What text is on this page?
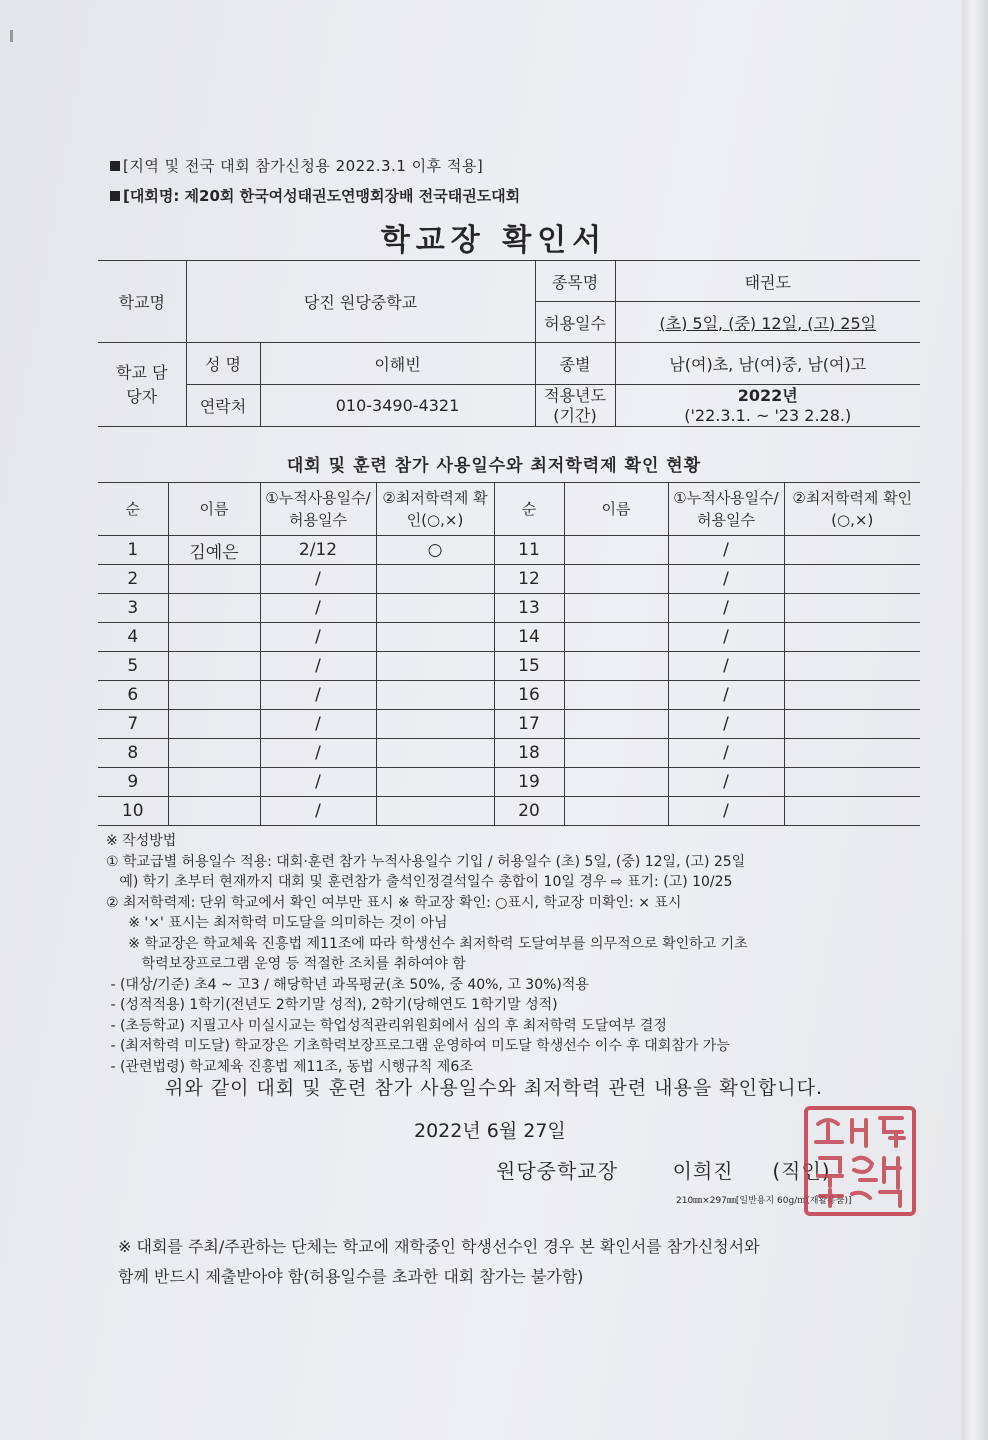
[지역 및 전국 대회 참가신청용 2022.3.1 이후 적용]
[대회명: 제20회 한국여성태권도연맹회장배 전국태권도대회
학교장 확인서
학교명	당진 원당중학교		종목명	태권도
			허용일수	(초) 5일, (중) 12일, (고) 25일
학교 담당자	성 명	이해빈	종별	남(여)초, 남(여)중, 남(여)고
	연락처	010-3490-4321	적용년도 (기간)	2022년
('22.3.1. ~ '23 2.28.)
대회 및 훈련 참가 사용일수와 최저학력제 확인 현황
순	이름	①누적사용일수/허용일수	②최저학력제 확인(○,×)	순	이름	①누적사용일수/허용일수	②최저학력제 확인(○,×)
1	김예은	2/12	○	11		/	
2		/		12		/	
3		/		13		/	
4		/		14		/	
5		/		15		/	
6		/		16		/	
7		/		17		/	
8		/		18		/	
9		/		19		/	
10		/		20		/	
※ 작성방법
① 학교급별 허용일수 적용: 대회·훈련 참가 누적사용일수 기입 / 허용일수 (초) 5일, (중) 12일, (고) 25일
예) 학기 초부터 현재까지 대회 및 훈련참가 출석인정결석일수 총합이 10일 경우 ⇨ 표기: (고) 10/25
② 최저학력제: 단위 학교에서 확인 여부만 표시 ※ 학교장 확인: ○표시, 학교장 미확인: × 표시
※ '×' 표시는 최저학력 미도달을 의미하는 것이 아님
※ 학교장은 학교체육 진흥법 제11조에 따라 학생선수 최저학력 도달여부를 의무적으로 확인하고 기초
학력보장프로그램 운영 등 적절한 조치를 취하여야 함
- (대상/기준) 초4 ~ 고3 / 해당학년 과목평균(초 50%, 중 40%, 고 30%)적용
- (성적적용) 1학기(전년도 2학기말 성적), 2학기(당해연도 1학기말 성적)
- (초등학교) 지필고사 미실시교는 학업성적관리위원회에서 심의 후 최저학력 도달여부 결정
- (최저학력 미도달) 학교장은 기초학력보장프로그램 운영하여 미도달 학생선수 이수 후 대회참가 가능
- (관련법령) 학교체육 진흥법 제11조, 동법 시행규칙 제6조
위와 같이 대회 및 훈련 참가 사용일수와 최저학력 관련 내용을 확인합니다.
2022년 6월 27일
원당중학교장	이희진 (직인)
210㎜×297㎜[일반용지 60g/㎡(재활용품)]
※ 대회를 주최/주관하는 단체는 학교에 재학중인 학생선수인 경우 본 확인서를 참가신청서와
함께 반드시 제출받아야 함(허용일수를 초과한 대회 참가는 불가함)
